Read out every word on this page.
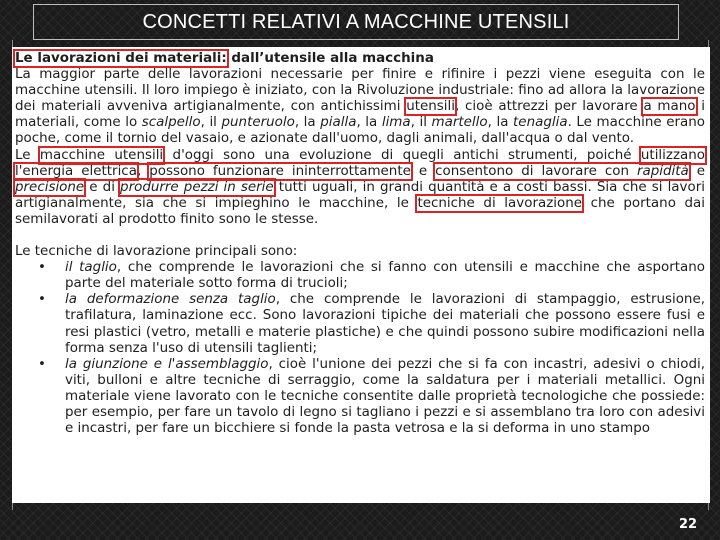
CONCETTI RELATIVI A MACCHINE UTENSILI
Le lavorazioni dei materiali: dall’utensile alla macchina

La maggior parte delle lavorazioni necessarie per finire e rifinire i pezzi viene eseguita con le macchine utensili. Il loro impiego è iniziato, con la Rivoluzione industriale: fino ad allora la lavorazione dei materiali avveniva artigianalmente, con antichissimi utensili, cioè attrezzi per lavorare a mano i materiali, come lo scalpello, il punteruolo, la pialla, la lima, il martello, la tenaglia. Le macchine erano poche, come il tornio del vasaio, e azionate dall'uomo, dagli animali, dall'acqua o dal vento.

Le macchine utensili d'oggi sono una evoluzione di quegli antichi strumenti, poiché utilizzano l'energia elettrica, possono funzionare ininterrottamente e consentono di lavorare con rapidità e precisione e di produrre pezzi in serie tutti uguali, in grandi quantità e a costi bassi. Sia che si lavori artigianalmente, sia che si impieghino le macchine, le tecniche di lavorazione che portano dai semilavorati al prodotto finito sono le stesse.

Le tecniche di lavorazione principali sono:

• il taglio, che comprende le lavorazioni che si fanno con utensili e macchine che asportano parte del materiale sotto forma di trucioli;
• la deformazione senza taglio, che comprende le lavorazioni di stampaggio, estrusione, trafilatura, laminazione ecc. Sono lavorazioni tipiche dei materiali che possono essere fusi e resi plastici (vetro, metalli e materie plastiche) e che quindi possono subire modificazioni nella forma senza l'uso di utensili taglienti;
• la giunzione e l'assemblaggio, cioè l'unione dei pezzi che si fa con incastri, adesivi o chiodi, viti, bulloni e altre tecniche di serraggio, come la saldatura per i materiali metallici. Ogni materiale viene lavorato con le tecniche consentite dalle proprietà tecnologiche che possiede: per esempio, per fare un tavolo di legno si tagliano i pezzi e si assemblano tra loro con adesivi e incastri, per fare un bicchiere si fonde la pasta vetrosa e la si deforma in uno stampo
22
